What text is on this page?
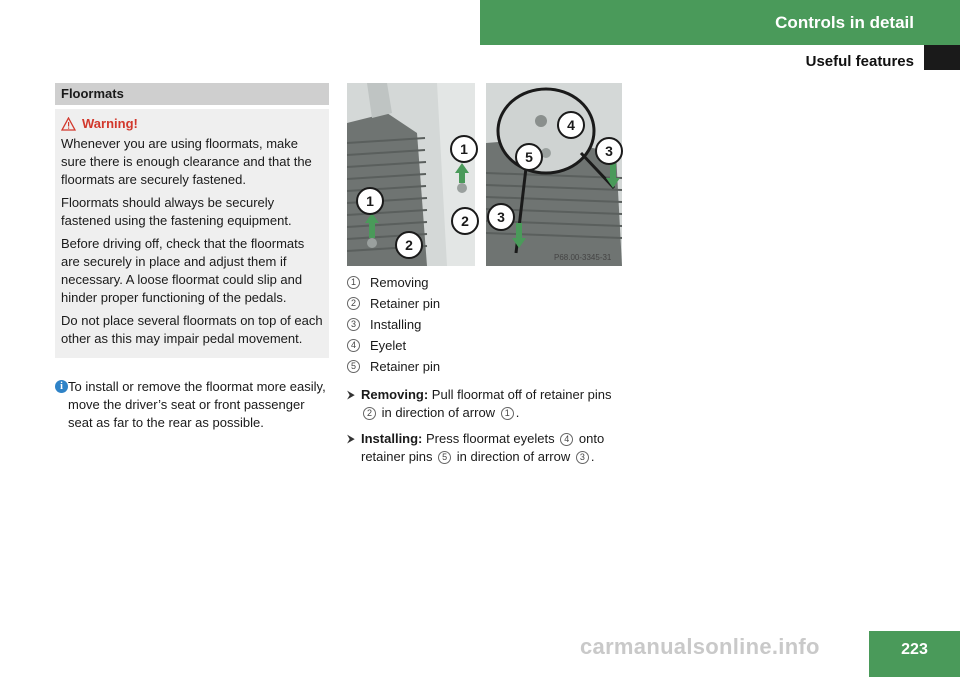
Controls in detail
Useful features
Floormats
Warning!

Whenever you are using floormats, make sure there is enough clearance and that the floormats are securely fastened.

Floormats should always be securely fastened using the fastening equipment.

Before driving off, check that the floormats are securely in place and adjust them if necessary. A loose floormat could slip and hinder proper functioning of the pedals.

Do not place several floormats on top of each other as this may impair pedal movement.

i To install or remove the floormat more easily, move the driver’s seat or front passenger seat as far to the rear as possible.
1
2
1
2
P68.00-3345-31
4
5	3
3
1	Removing
2	Retainer pin
3	Installing
4	Eyelet
5	Retainer pin
⮞ Removing: Pull floormat off of retainer pins 2 in direction of arrow 1 .
⮞ Installing: Press floormat eyelets 4 onto retainer pins 5 in direction of arrow 3 .
223
carmanualsonline.info
